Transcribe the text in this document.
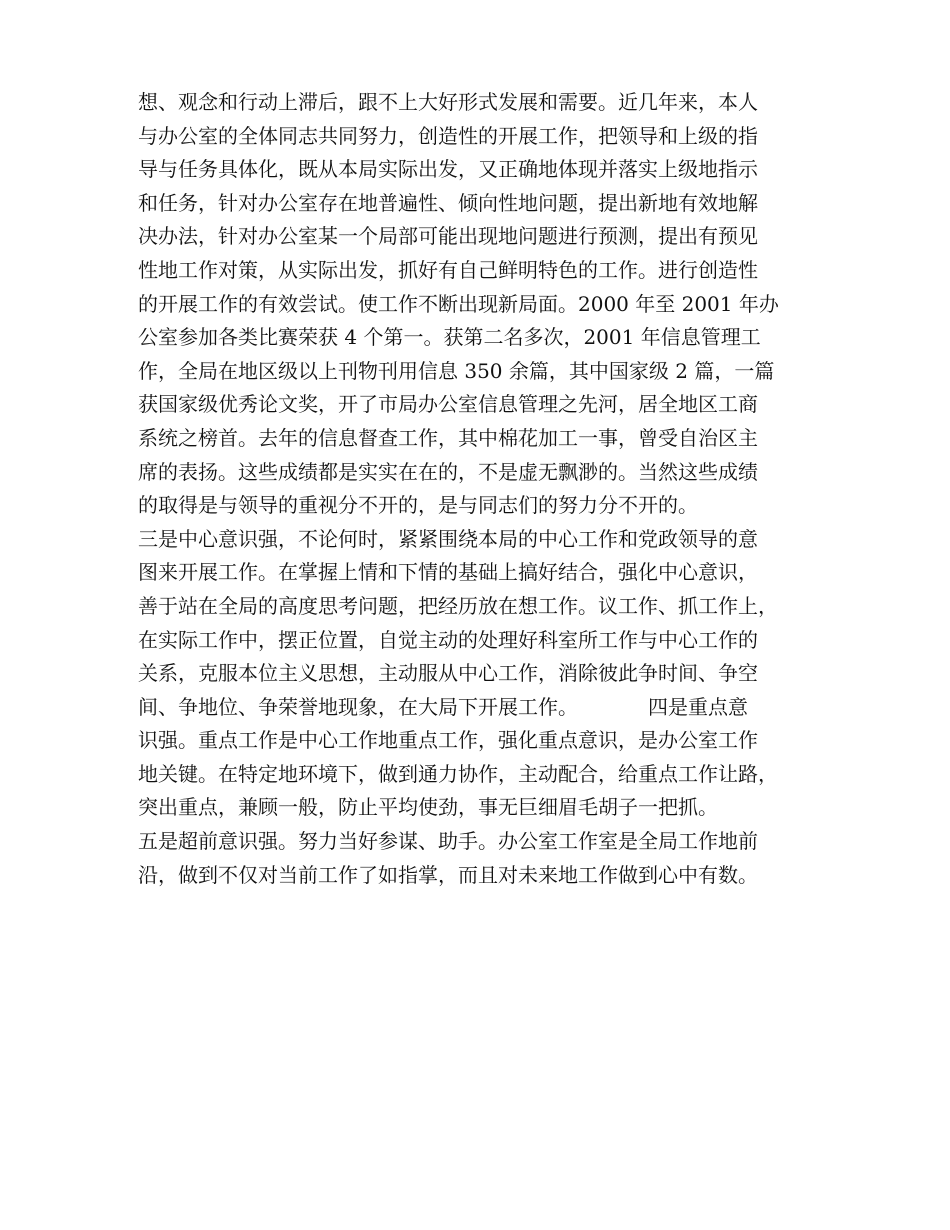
想、观念和行动上滞后，跟不上大好形式发展和需要。近几年来，本人
与办公室的全体同志共同努力，创造性的开展工作，把领导和上级的指
导与任务具体化，既从本局实际出发，又正确地体现并落实上级地指示
和任务，针对办公室存在地普遍性、倾向性地问题，提出新地有效地解
决办法，针对办公室某一个局部可能出现地问题进行预测，提出有预见
性地工作对策，从实际出发，抓好有自己鲜明特色的工作。进行创造性
的开展工作的有效尝试。使工作不断出现新局面。2000 年至 2001 年办
公室参加各类比赛荣获 4 个第一。获第二名多次，2001 年信息管理工
作，全局在地区级以上刊物刊用信息 350 余篇，其中国家级 2 篇，一篇
获国家级优秀论文奖，开了市局办公室信息管理之先河，居全地区工商
系统之榜首。去年的信息督查工作，其中棉花加工一事，曾受自治区主
席的表扬。这些成绩都是实实在在的，不是虚无飘渺的。当然这些成绩
的取得是与领导的重视分不开的，是与同志们的努力分不开的。
三是中心意识强，不论何时，紧紧围绕本局的中心工作和党政领导的意
图来开展工作。在掌握上情和下情的基础上搞好结合，强化中心意识，
善于站在全局的高度思考问题，把经历放在想工作。议工作、抓工作上，
在实际工作中，摆正位置，自觉主动的处理好科室所工作与中心工作的
关系，克服本位主义思想，主动服从中心工作，消除彼此争时间、争空
间、争地位、争荣誉地现象，在大局下开展工作。　　　　四是重点意
识强。重点工作是中心工作地重点工作，强化重点意识，是办公室工作
地关键。在特定地环境下，做到通力协作，主动配合，给重点工作让路，
突出重点，兼顾一般，防止平均使劲，事无巨细眉毛胡子一把抓。
五是超前意识强。努力当好参谋、助手。办公室工作室是全局工作地前
沿，做到不仅对当前工作了如指掌，而且对未来地工作做到心中有数。
